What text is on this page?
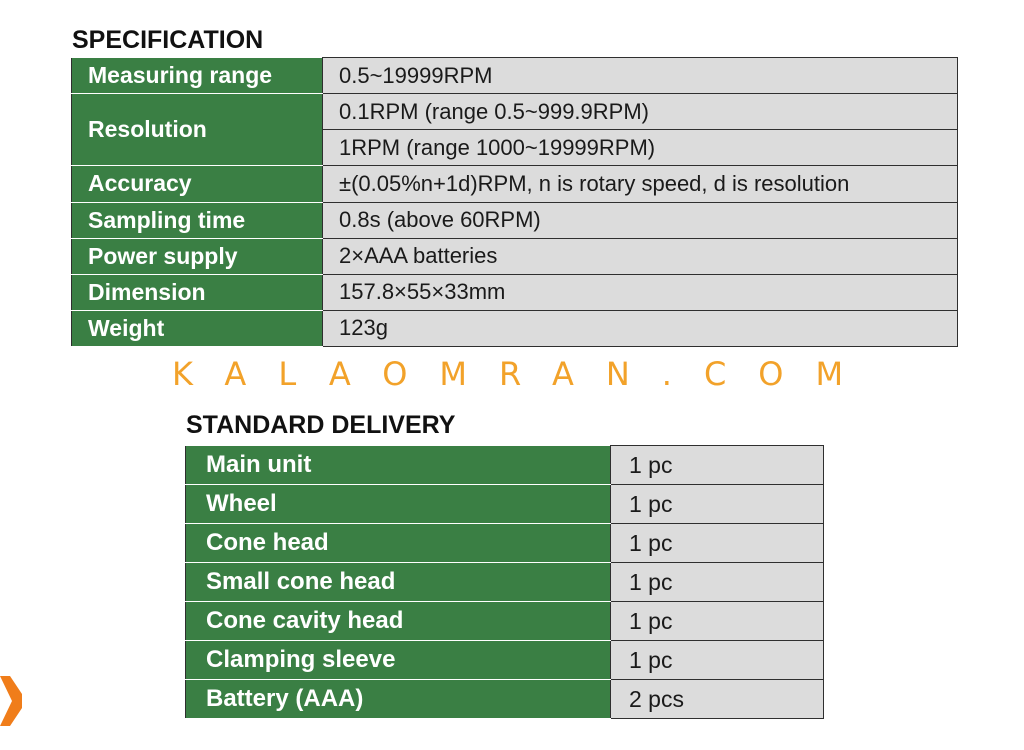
SPECIFICATION
Measuring range	0.5~19999RPM
Resolution	0.1RPM (range 0.5~999.9RPM)
	1RPM (range 1000~19999RPM)
Accuracy	±(0.05%n+1d)RPM, n is rotary speed, d is resolution
Sampling time	0.8s (above 60RPM)
Power supply	2×AAA batteries
Dimension	157.8×55×33mm
Weight	123g
KALAOMRAN.COM
STANDARD DELIVERY
Main unit	1 pc
Wheel	1 pc
Cone head	1 pc
Small cone head	1 pc
Cone cavity head	1 pc
Clamping sleeve	1 pc
Battery (AAA)	2 pcs
